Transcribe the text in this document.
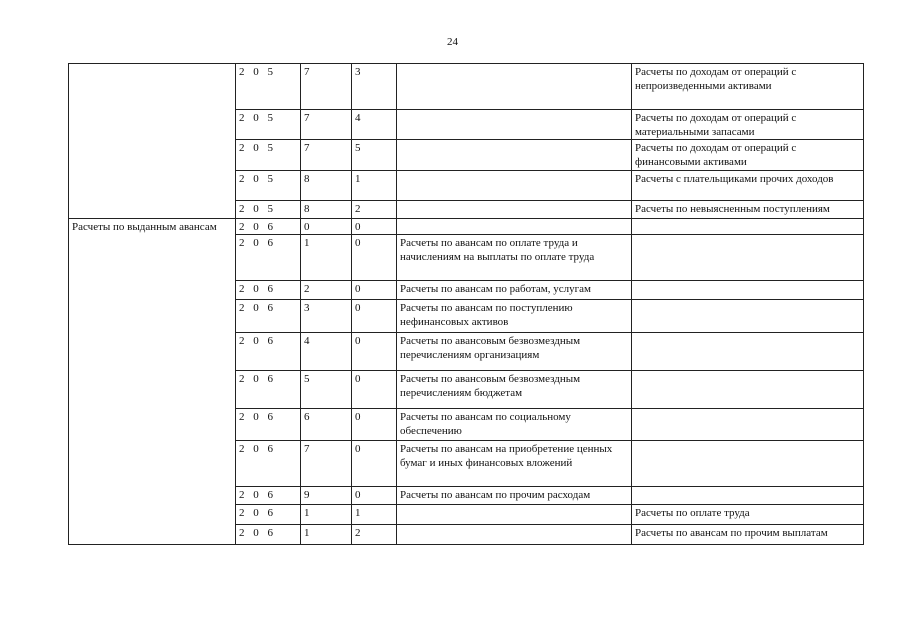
24
	2 0 5	7	3		Расчеты по доходам от операций с непроизведенными активами
	2 0 5	7	4		Расчеты по доходам от операций с материальными запасами
	2 0 5	7	5		Расчеты по доходам от операций с финансовыми активами
	2 0 5	8	1		Расчеты с плательщиками прочих доходов
	2 0 5	8	2		Расчеты по невыясненным поступлениям
Расчеты по выданным авансам	2 0 6	0	0		
	2 0 6	1	0	Расчеты по авансам по оплате труда и начислениям на выплаты по оплате труда	
	2 0 6	2	0	Расчеты по авансам по работам, услугам	
	2 0 6	3	0	Расчеты по авансам по поступлению нефинансовых активов	
	2 0 6	4	0	Расчеты по авансовым безвозмездным перечислениям организациям	
	2 0 6	5	0	Расчеты по авансовым безвозмездным перечислениям бюджетам	
	2 0 6	6	0	Расчеты по авансам по социальному обеспечению	
	2 0 6	7	0	Расчеты по авансам на приобретение ценных бумаг и иных финансовых вложений	
	2 0 6	9	0	Расчеты по авансам по прочим расходам	
	2 0 6	1	1		Расчеты по оплате труда
	2 0 6	1	2		Расчеты по авансам по прочим выплатам
